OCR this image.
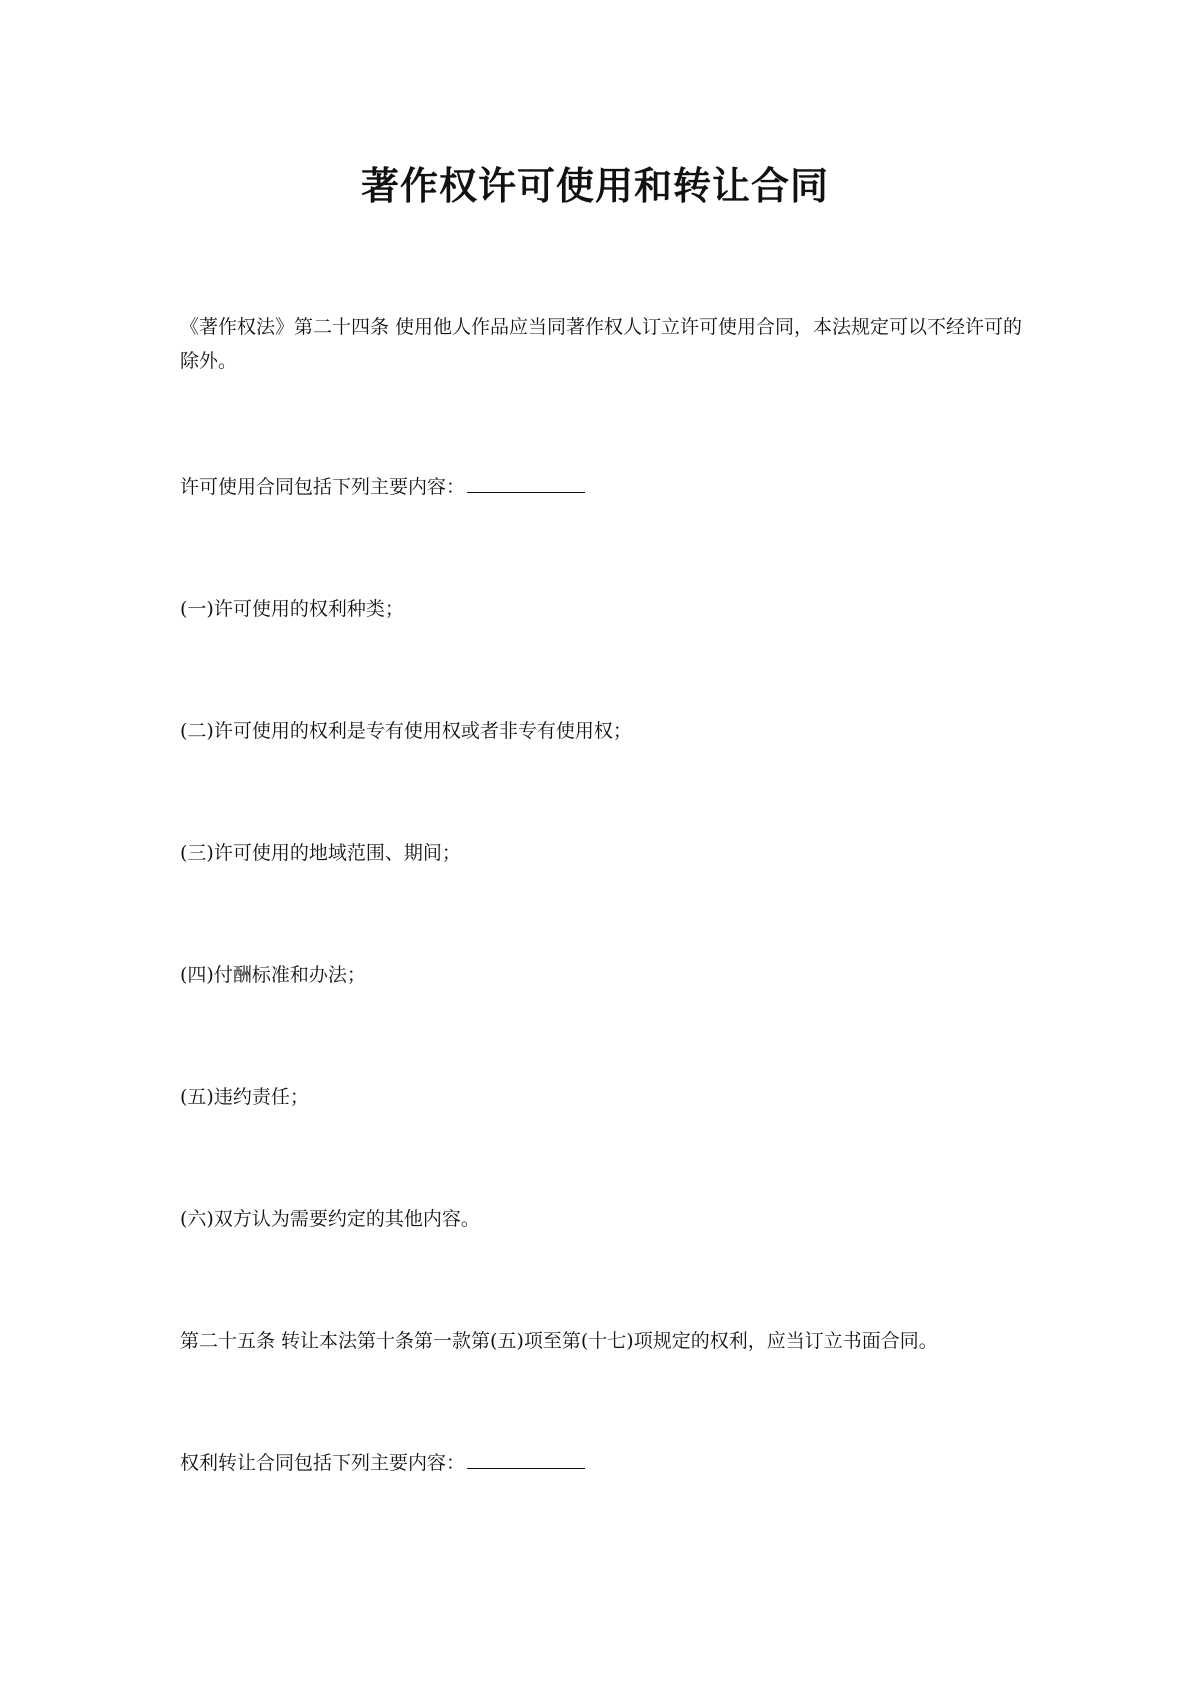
著作权许可使用和转让合同
《著作权法》第二十四条 使用他人作品应当同著作权人订立许可使用合同，本法规定可以不经许可的除外。
许可使用合同包括下列主要内容：
(一)许可使用的权利种类；
(二)许可使用的权利是专有使用权或者非专有使用权；
(三)许可使用的地域范围、期间；
(四)付酬标准和办法；
(五)违约责任；
(六)双方认为需要约定的其他内容。
第二十五条 转让本法第十条第一款第(五)项至第(十七)项规定的权利，应当订立书面合同。
权利转让合同包括下列主要内容：
